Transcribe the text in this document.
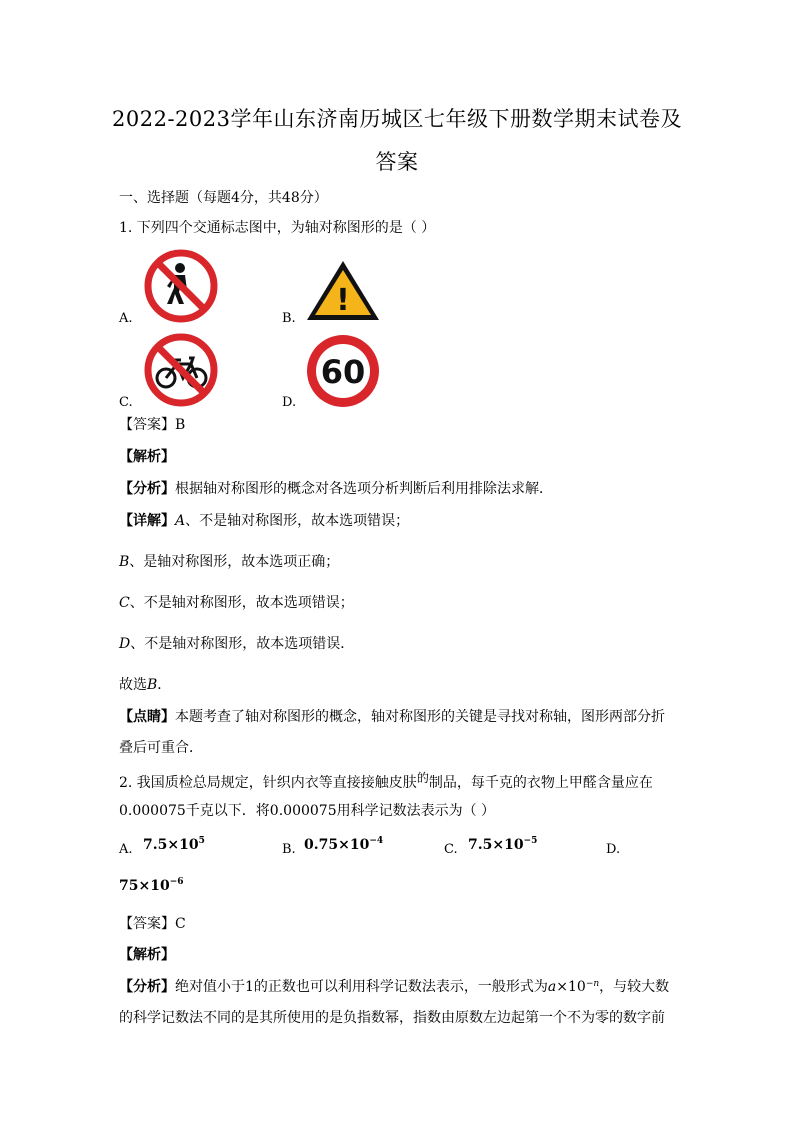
2022-2023学年山东济南历城区七年级下册数学期末试卷及
答案
一、选择题（每题4分，共48分）
1. 下列四个交通标志图中，为轴对称图形的是（ ）
A.	B.
!
C.	D.
60
【答案】B
【解析】
【分析】根据轴对称图形的概念对各选项分析判断后利用排除法求解．
【详解】A、不是轴对称图形，故本选项错误；
B、是轴对称图形，故本选项正确；
C、不是轴对称图形，故本选项错误；
D、不是轴对称图形，故本选项错误．
故选B．
【点睛】本题考查了轴对称图形的概念，轴对称图形的关键是寻找对称轴，图形两部分折
叠后可重合．
2. 我国质检总局规定，针织内衣等直接接触皮肤的制品，每千克的衣物上甲醛含量应在
0.000075千克以下．将0.000075用科学记数法表示为（ ）
A. $7.5\times 10^5$
B. $0.75\times 10^{-4}$
C. $7.5\times 10^{-5}$
D.
$75\times 10^{-6}$
【答案】C
【解析】
【分析】绝对值小于1的正数也可以利用科学记数法表示，一般形式为$a\times 10^{-n}$，与较大数
的科学记数法不同的是其所使用的是负指数幂，指数由原数左边起第一个不为零的数字前
